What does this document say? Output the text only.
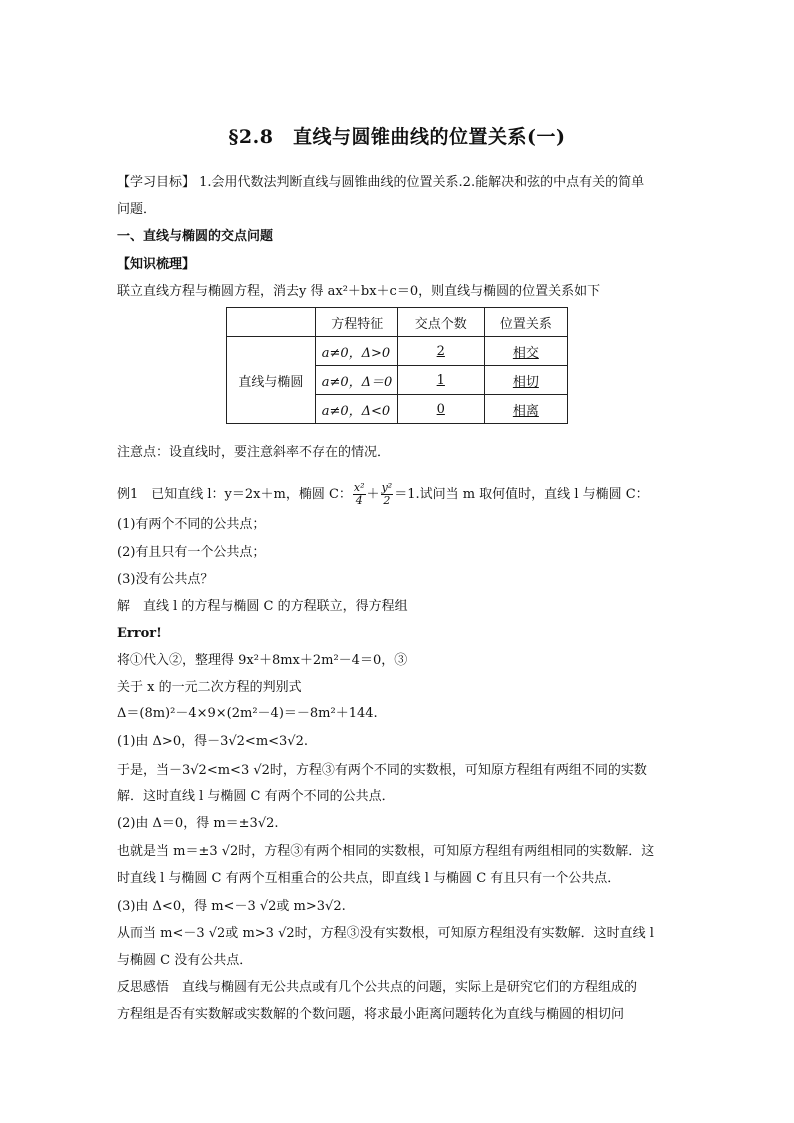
§2.8　直线与圆锥曲线的位置关系(一)
【学习目标】 1.会用代数法判断直线与圆锥曲线的位置关系.2.能解决和弦的中点有关的简单
问题．
一、直线与椭圆的交点问题
【知识梳理】
联立直线方程与椭圆方程，消去y 得 ax²＋bx＋c＝0，则直线与椭圆的位置关系如下
	方程特征	交点个数	位置关系
直线与椭圆	a≠0，Δ>0	2	相交
	a≠0，Δ＝0	1	相切
	a≠0，Δ<0	0	相离
注意点：设直线时，要注意斜率不存在的情况．
例1　已知直线 l：y＝2x＋m，椭圆 C： $\frac{\text{x²}}{4} + \frac{\text{y²}}{2} =1$.试问当 m 取何值时，直线 l 与椭圆 C：
(1)有两个不同的公共点；
(2)有且只有一个公共点；
(3)没有公共点？
解　直线 l 的方程与椭圆 C 的方程联立，得方程组
Error!
将①代入②，整理得 9x²＋8mx＋2m²－4＝0，③
关于 x 的一元二次方程的判别式
Δ＝(8m)²－4×9×(2m²－4)＝－8m²＋144.
(1)由 Δ>0，得－3√2<m<3√2.
于是，当－3√2<m<3 √2时，方程③有两个不同的实数根，可知原方程组有两组不同的实数
解．这时直线 l 与椭圆 C 有两个不同的公共点．
(2)由 Δ＝0，得 m＝±3√2.
也就是当 m＝±3 √2时，方程③有两个相同的实数根，可知原方程组有两组相同的实数解．这
时直线 l 与椭圆 C 有两个互相重合的公共点，即直线 l 与椭圆 C 有且只有一个公共点．
(3)由 Δ<0，得 m<－3 √2或 m>3√2.
从而当 m<－3 √2或 m>3 √2时，方程③没有实数根，可知原方程组没有实数解．这时直线 l
与椭圆 C 没有公共点．
反思感悟　直线与椭圆有无公共点或有几个公共点的问题，实际上是研究它们的方程组成的
方程组是否有实数解或实数解的个数问题，将求最小距离问题转化为直线与椭圆的相切问
